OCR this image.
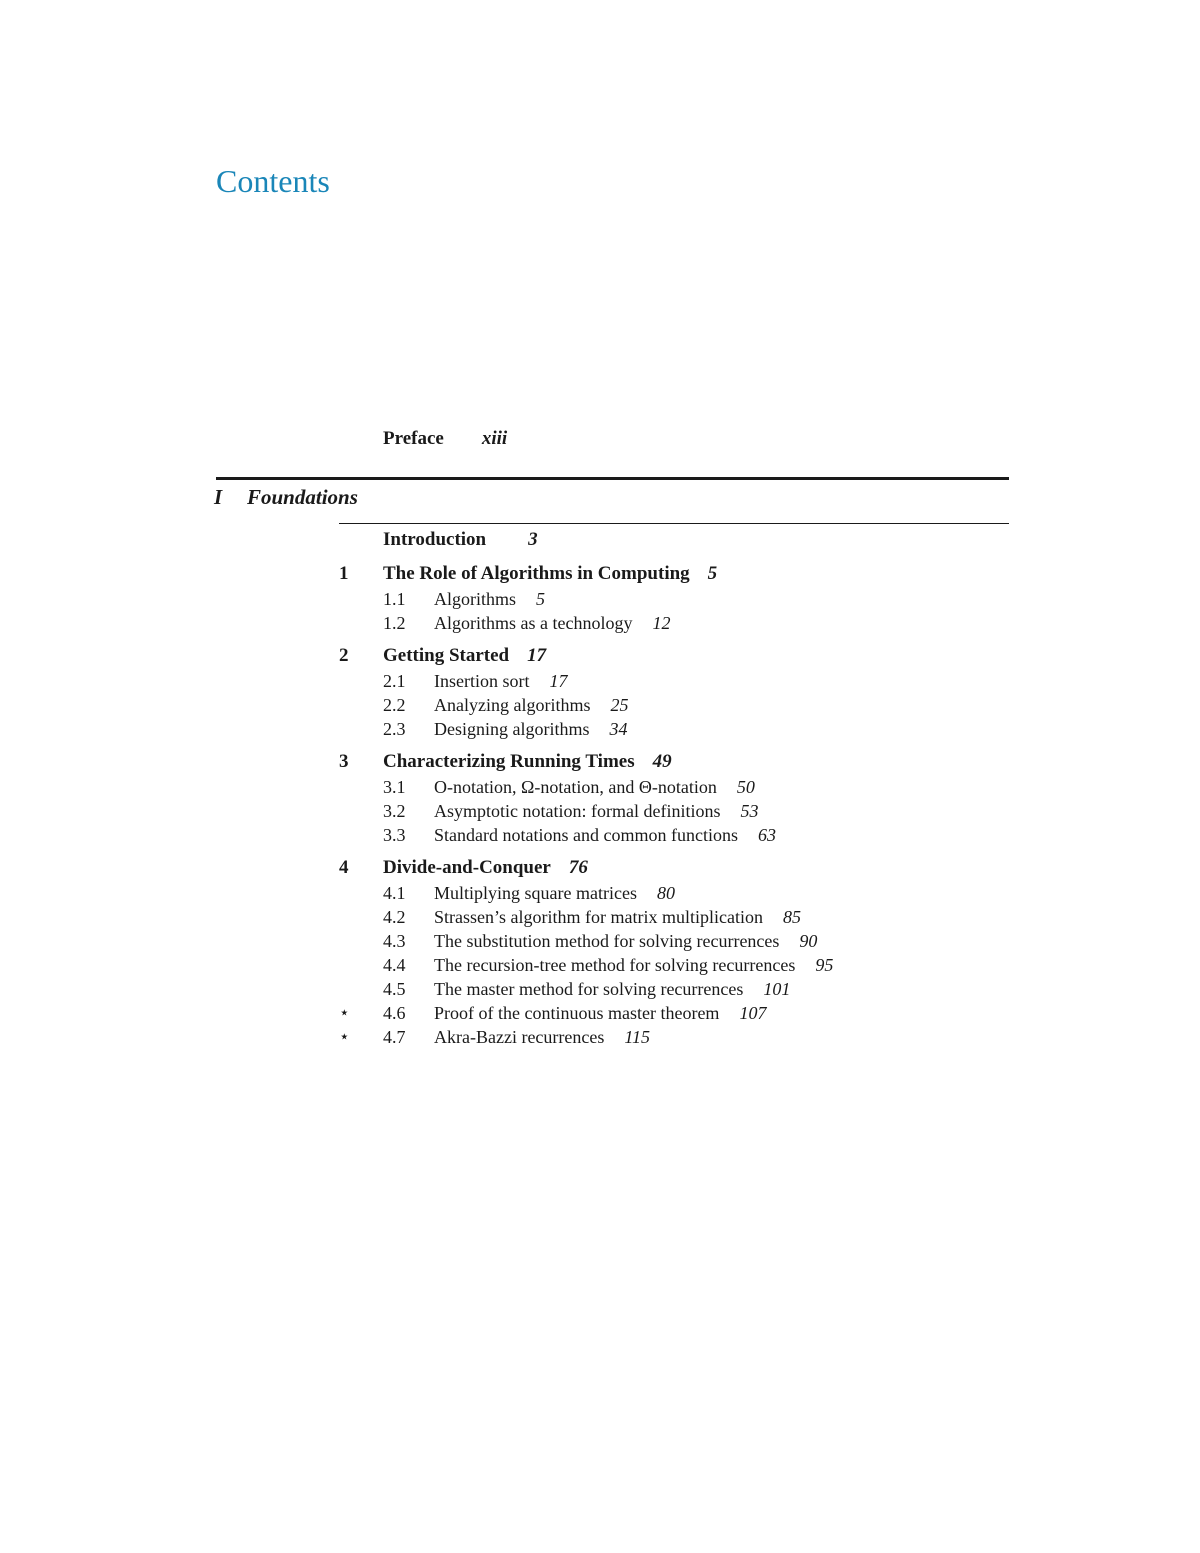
Contents
Preface xiii
I Foundations
Introduction 3
1 The Role of Algorithms in Computing 5
1.1 Algorithms 5
1.2 Algorithms as a technology 12
2 Getting Started 17
2.1 Insertion sort 17
2.2 Analyzing algorithms 25
2.3 Designing algorithms 34
3 Characterizing Running Times 49
3.1 O-notation, Ω-notation, and Θ-notation 50
3.2 Asymptotic notation: formal definitions 53
3.3 Standard notations and common functions 63
4 Divide-and-Conquer 76
4.1 Multiplying square matrices 80
4.2 Strassen’s algorithm for matrix multiplication 85
4.3 The substitution method for solving recurrences 90
4.4 The recursion-tree method for solving recurrences 95
4.5 The master method for solving recurrences 101
⋆ 4.6 Proof of the continuous master theorem 107
⋆ 4.7 Akra-Bazzi recurrences 115
